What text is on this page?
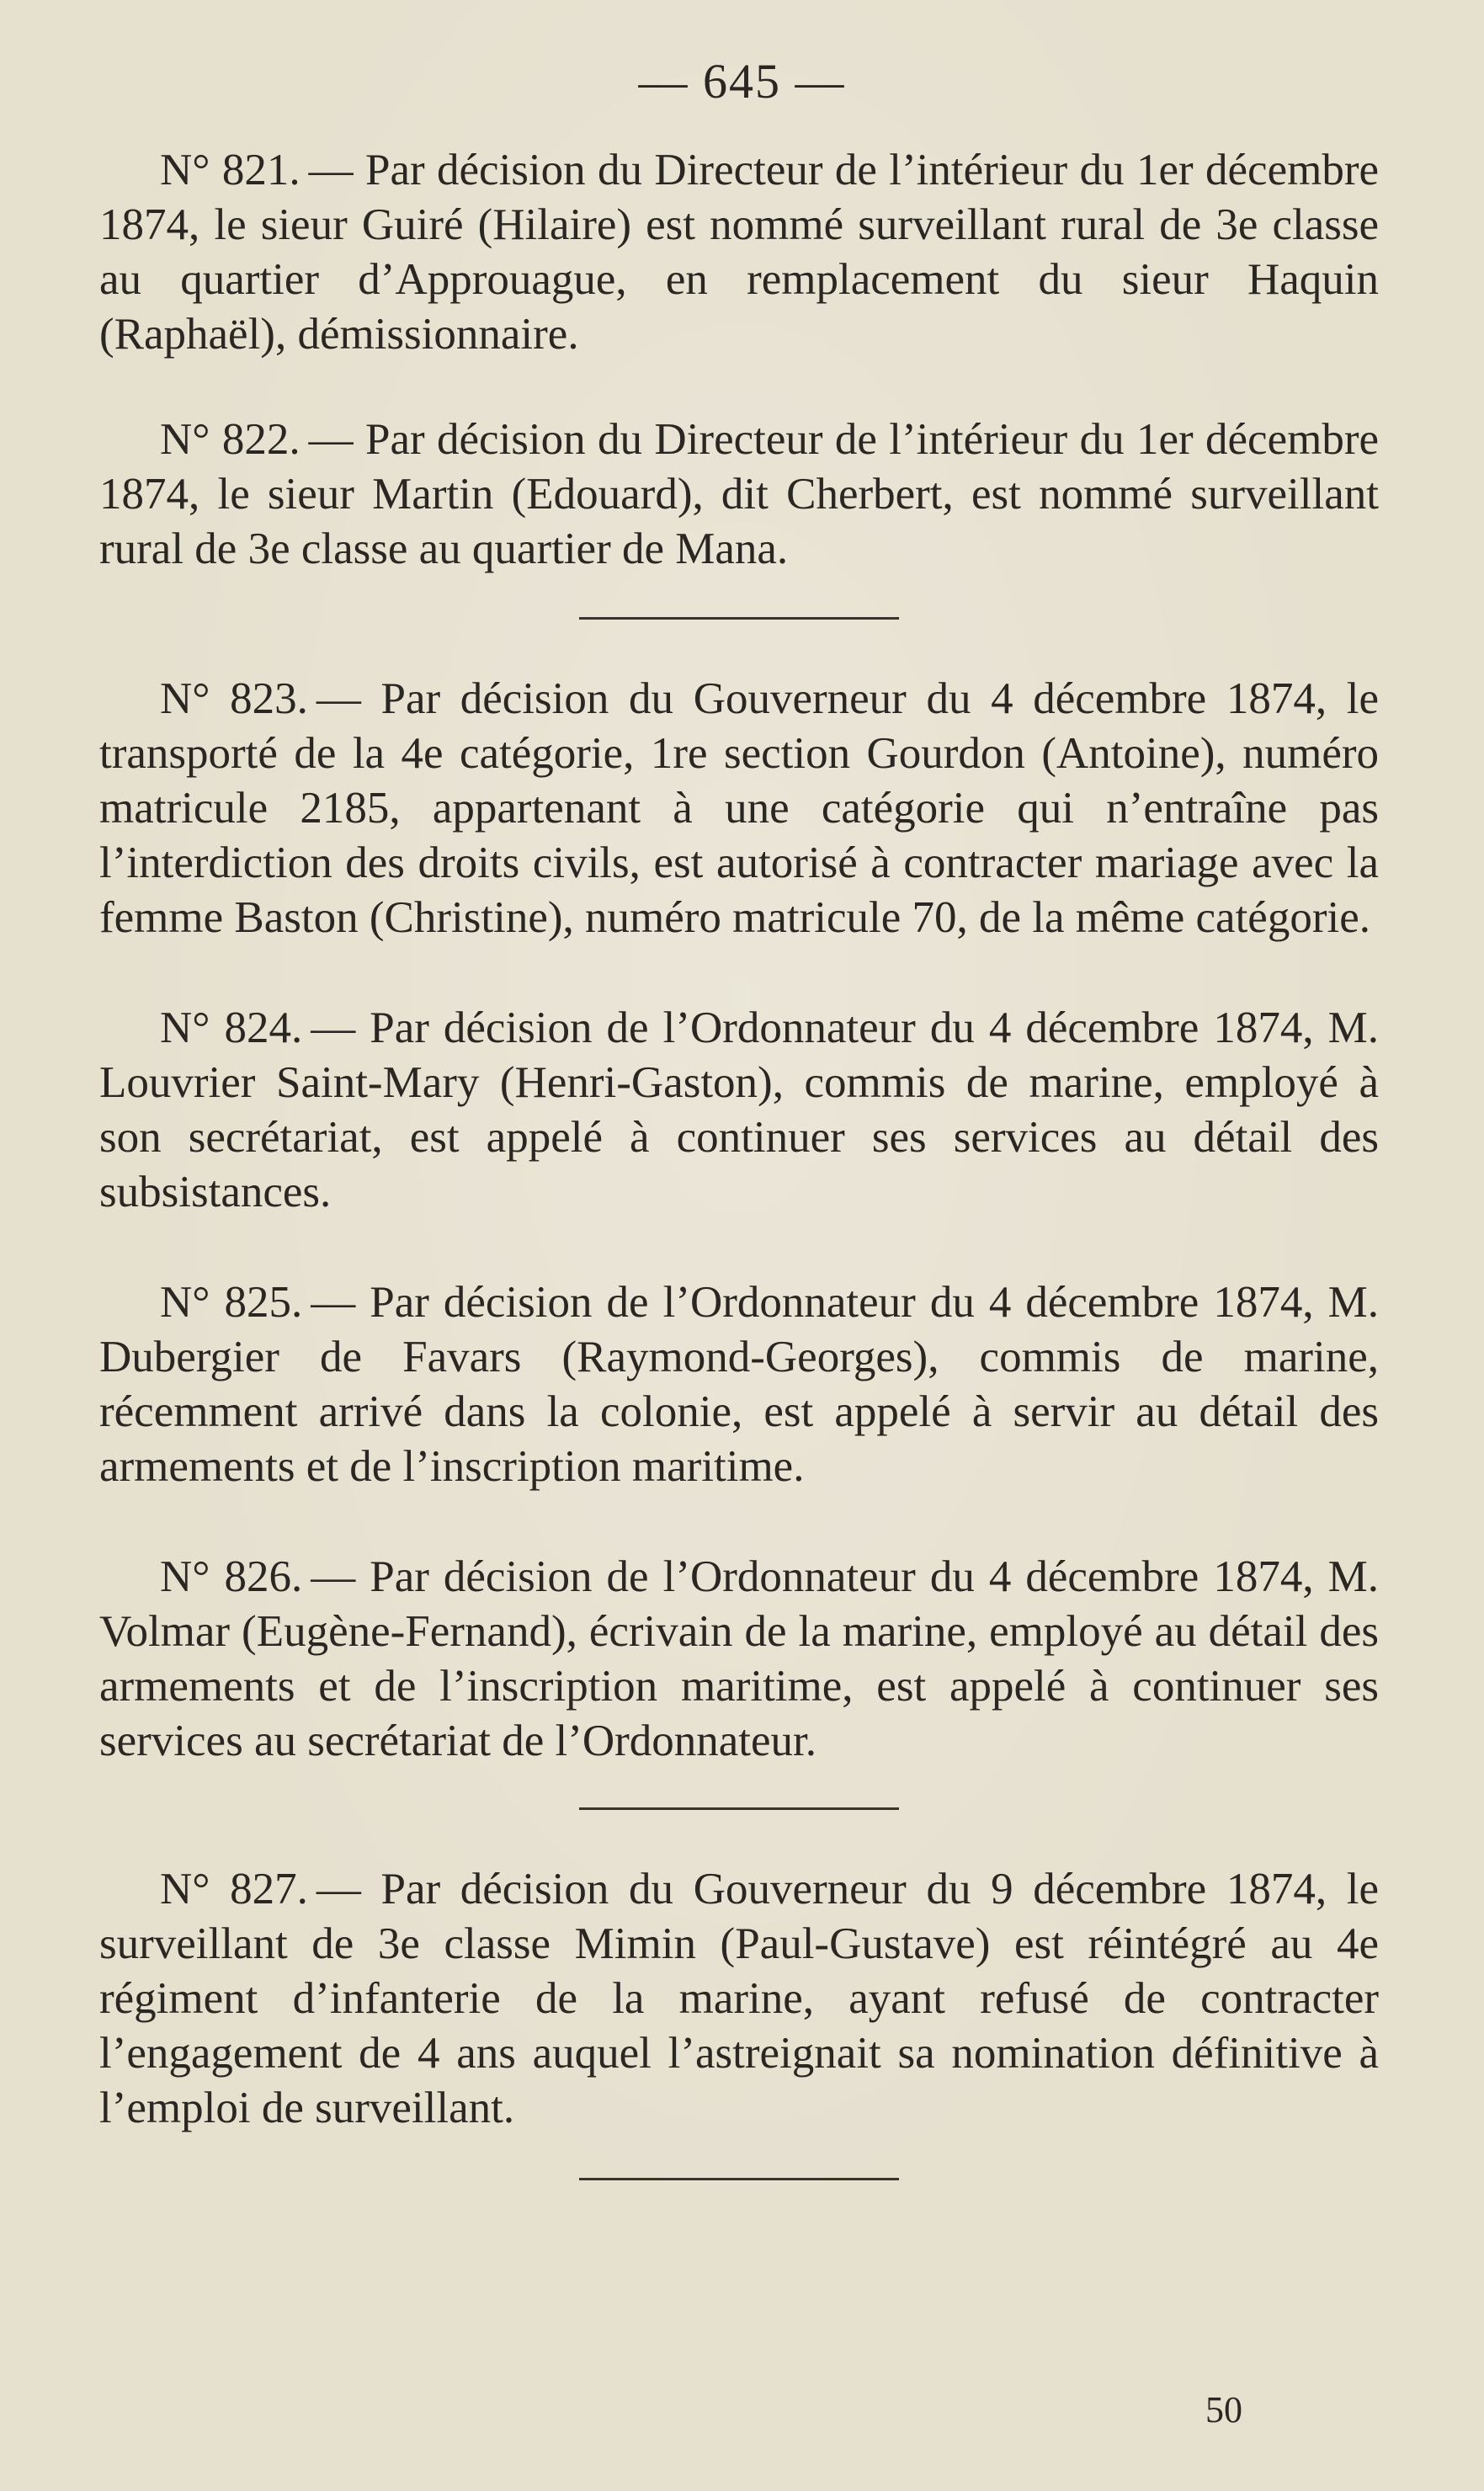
— 645 —

N° 821. — Par décision du Directeur de l’intérieur du 1er décembre 1874, le sieur Guiré (Hilaire) est nommé surveillant rural de 3e classe au quartier d’Approuague, en remplacement du sieur Haquin (Raphaël), démissionnaire.

N° 822. — Par décision du Directeur de l’intérieur du 1er décembre 1874, le sieur Martin (Edouard), dit Cherbert, est nommé surveillant rural de 3e classe au quartier de Mana.

N° 823. — Par décision du Gouverneur du 4 décembre 1874, le transporté de la 4e catégorie, 1re section Gourdon (Antoine), numéro matricule 2185, appartenant à une catégorie qui n’entraîne pas l’interdiction des droits civils, est autorisé à contracter mariage avec la femme Baston (Christine), numéro matricule 70, de la même catégorie.

N° 824. — Par décision de l’Ordonnateur du 4 décembre 1874, M. Louvrier Saint-Mary (Henri-Gaston), commis de marine, employé à son secrétariat, est appelé à continuer ses services au détail des subsistances.

N° 825. — Par décision de l’Ordonnateur du 4 décembre 1874, M. Dubergier de Favars (Raymond-Georges), commis de marine, récemment arrivé dans la colonie, est appelé à servir au détail des armements et de l’inscription maritime.

N° 826. — Par décision de l’Ordonnateur du 4 décembre 1874, M. Volmar (Eugène-Fernand), écrivain de la marine, employé au détail des armements et de l’inscription maritime, est appelé à continuer ses services au secrétariat de l’Ordonnateur.

N° 827. — Par décision du Gouverneur du 9 décembre 1874, le surveillant de 3e classe Mimin (Paul-Gustave) est réintégré au 4e régiment d’infanterie de la marine, ayant refusé de contracter l’engagement de 4 ans auquel l’astreignait sa nomination définitive à l’emploi de surveillant.

50
